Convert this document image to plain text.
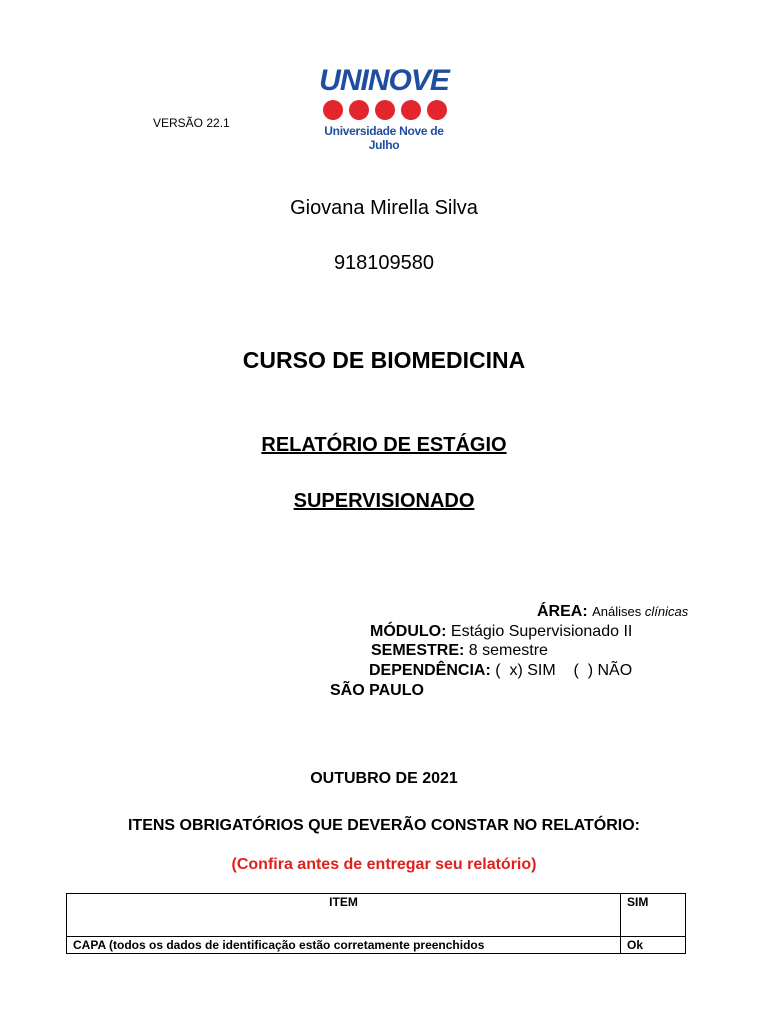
VERSÃO 22.1
UNINOVE
Universidade Nove de Julho
Giovana Mirella Silva
918109580
CURSO DE BIOMEDICINA
RELATÓRIO DE ESTÁGIO
SUPERVISIONADO
ÁREA: Análises clínicas
MÓDULO: Estágio Supervisionado II
SEMESTRE: 8 semestre
DEPENDÊNCIA: (  x) SIM    (  ) NÃO
SÃO PAULO
OUTUBRO DE 2021
ITENS OBRIGATÓRIOS QUE DEVERÃO CONSTAR NO RELATÓRIO:
(Confira antes de entregar seu relatório)
ITEM	SIM
CAPA (todos os dados de identificação estão corretamente preenchidos	Ok
